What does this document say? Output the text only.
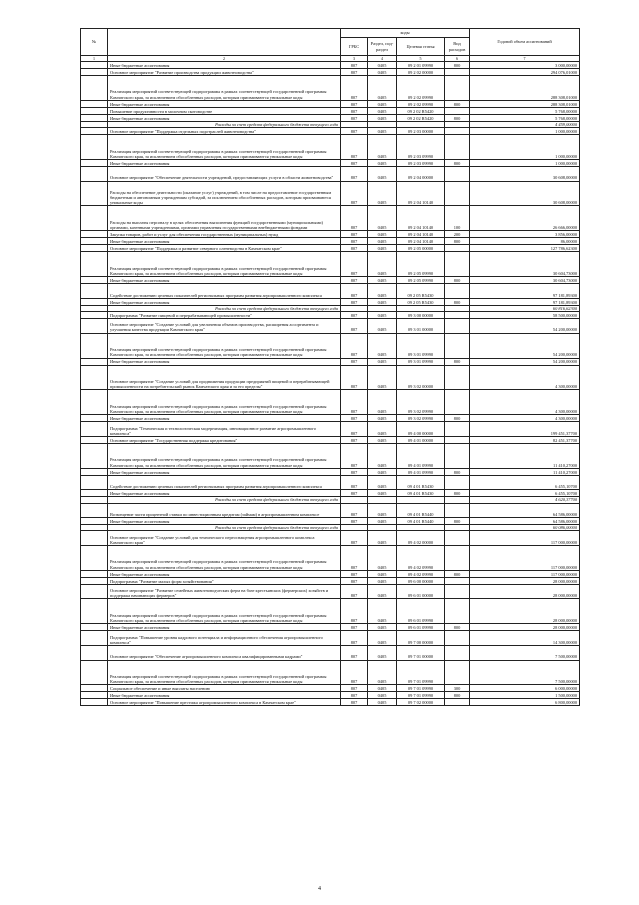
№		коды				Годовой объем ассигнований
		ГРБС	Раздел, под-раздел	Целевая статья	Вид расходов	
1	2	3	4	5	6	7
	Иные бюджетные ассигнования	807	0405	09 2 01 09990	800	3 000,00000
	Основное мероприятие "Развитие производства продукции животноводства"	807	0405	09 2 02 00000		294 076,01000
	Реализация мероприятий соответствующей подпрограммы в рамках соответствующей государственной программы Камчатского края, за исключением обособленных расходов, которым присваиваются уникальные коды	807	0405	09 2 02 09990		288 308,01000
	Иные бюджетные ассигнования	807	0405	09 2 02 09990	800	288 308,01000
	Повышение продуктивности в молочном скотоводстве	807	0405	09 2 02 R5420		5 768,00000
	Иные бюджетные ассигнования	807	0405	09 2 02 R5420	800	5 768,00000
	Расходы за счет средств федерального бюджета текущего года					4 459,00000
	Основное мероприятие "Поддержка отдельных подотраслей животноводства"	807	0405	09 2 03 00000		1 000,00000
	Реализация мероприятий соответствующей подпрограммы в рамках соответствующей государственной программы Камчатского края, за исключением обособленных расходов, которым присваиваются уникальные коды	807	0405	09 2 03 09990		1 000,00000
	Иные бюджетные ассигнования	807	0405	09 2 03 09990	800	1 000,00000
	Основное мероприятие "Обеспечение деятельности учреждений, предоставляющих услуги в области животноводства"	807	0405	09 2 04 00000		30 608,00000
	Расходы на обеспечение деятельности (оказание услуг) учреждений, в том числе на предоставление государственным бюджетным и автономным учреждениям субсидий, за исключением обособленных расходов, которым присваиваются уникальные коды	807	0405	09 2 04 10140		30 608,00000
	Расходы на выплаты персоналу в целях обеспечения выполнения функций государственными (муниципальными) органами, казенными учреждениями, органами управления государственными внебюджетными фондами	807	0405	09 2 04 10140	100	26 666,00000
	Закупка товаров, работ и услуг для обеспечения государственных (муниципальных) нужд	807	0405	09 2 04 10140	200	3 856,00000
	Иные бюджетные ассигнования	807	0405	09 2 04 10140	800	86,00000
	Основное мероприятие "Поддержка и развитие северного оленеводства в Камчатском крае"	807	0405	09 2 05 00000		127 786,62300
	Реализация мероприятий соответствующей подпрограммы в рамках соответствующей государственной программы Камчатского края, за исключением обособленных расходов, которым присваиваются уникальные коды	807	0405	09 2 05 09990		30 604,73000
	Иные бюджетные ассигнования	807	0405	09 2 05 09990	800	30 604,73000
	Содействие достижению целевых показателей региональных программ развития агропромышленного комплекса	807	0405	09 2 05 R5430		97 181,89300
	Иные бюджетные ассигнования	807	0405	09 2 05 R5430	800	97 181,89300
	Расходы за счет средств федерального бюджета текущего года					60 816,62300
	Подпрограмма "Развитие пищевой и перерабатывающей промышленности"	807	0405	09 3 00 00000		58 500,00000
	Основное мероприятие "Создание условий для увеличения объемов производства, расширения ассортимента и улучшения качества продукции Камчатского края"	807	0405	09 3 01 00000		54 200,00000
	Реализация мероприятий соответствующей подпрограммы в рамках соответствующей государственной программы Камчатского края, за исключением обособленных расходов, которым присваиваются уникальные коды	807	0405	09 3 01 09990		54 200,00000
	Иные бюджетные ассигнования	807	0405	09 3 01 09990	800	54 200,00000
	Основное мероприятие "Создание условий для продвижения продукции предприятий пищевой и перерабатывающей промышленности на потребительский рынок Камчатского края и за его пределы"	807	0405	09 3 02 00000		4 300,00000
	Реализация мероприятий соответствующей подпрограммы в рамках соответствующей государственной программы Камчатского края, за исключением обособленных расходов, которым присваиваются уникальные коды	807	0405	09 3 02 09990		4 300,00000
	Иные бюджетные ассигнования	807	0405	09 3 02 09990	800	4 300,00000
	Подпрограмма "Техническая и технологическая модернизация, инновационное развитие агропромышленного комплекса"	807	0405	09 4 00 00000		199 451,37700
	Основное мероприятие "Государственная поддержка кредитования"	807	0405	09 4 01 00000		82 451,37700
	Реализация мероприятий соответствующей подпрограммы в рамках соответствующей государственной программы Камчатского края, за исключением обособленных расходов, которым присваиваются уникальные коды	807	0405	09 4 01 09990		11 410,27000
	Иные бюджетные ассигнования	807	0405	09 4 01 09990	800	11 410,27000
	Содействие достижению целевых показателей региональных программ развития агропромышленного комплекса	807	0405	09 4 01 R5430		6 455,10700
	Иные бюджетные ассигнования	807	0405	09 4 01 R5430	800	6 455,10700
	Расходы за счет средств федерального бюджета текущего года					4 620,37700
	Возмещение части процентной ставки по инвестиционным кредитам (займам) в агропромышленном комплексе	807	0405	09 4 01 R5440		64 586,00000
	Иные бюджетные ассигнования	807	0405	09 4 01 R5440	800	64 586,00000
	Расходы за счет средств федерального бюджета текущего года					60 086,00000
	Основное мероприятие "Создание условий для технического переоснащения агропромышленного комплекса Камчатского края"	807	0405	09 4 02 00000		117 000,00000
	Реализация мероприятий соответствующей подпрограммы в рамках соответствующей государственной программы Камчатского края, за исключением обособленных расходов, которым присваиваются уникальные коды	807	0405	09 4 02 09990		117 000,00000
	Иные бюджетные ассигнования	807	0405	09 4 02 09990	800	117 000,00000
	Подпрограмма "Развитие малых форм хозяйствования"	807	0405	09 6 00 00000		28 000,00000
	Основное мероприятие "Развитие семейных животноводческих ферм на базе крестьянских (фермерских) хозяйств и поддержка начинающих фермеров"	807	0405	09 6 01 00000		28 000,00000
	Реализация мероприятий соответствующей подпрограммы в рамках соответствующей государственной программы Камчатского края, за исключением обособленных расходов, которым присваиваются уникальные коды	807	0405	09 6 01 09990		28 000,00000
	Иные бюджетные ассигнования	807	0405	09 6 01 09990	800	28 000,00000
	Подпрограмма "Повышение уровня кадрового потенциала и информационного обеспечения агропромышленного комплекса"	807	0405	09 7 00 00000		14 300,00000
	Основное мероприятие "Обеспечение агропромышленного комплекса квалифицированными кадрами"	807	0405	09 7 01 00000		7 500,00000
	Реализация мероприятий соответствующей подпрограммы в рамках соответствующей государственной программы Камчатского края, за исключением обособленных расходов, которым присваиваются уникальные коды	807	0405	09 7 01 09990		7 500,00000
	Социальное обеспечение и иные выплаты населению	807	0405	09 7 01 09990	300	6 000,00000
	Иные бюджетные ассигнования	807	0405	09 7 01 09990	800	1 500,00000
	Основное мероприятие "Повышение престижа агропромышленного комплекса в Камчатском крае"	807	0405	09 7 02 00000		6 800,00000
4
